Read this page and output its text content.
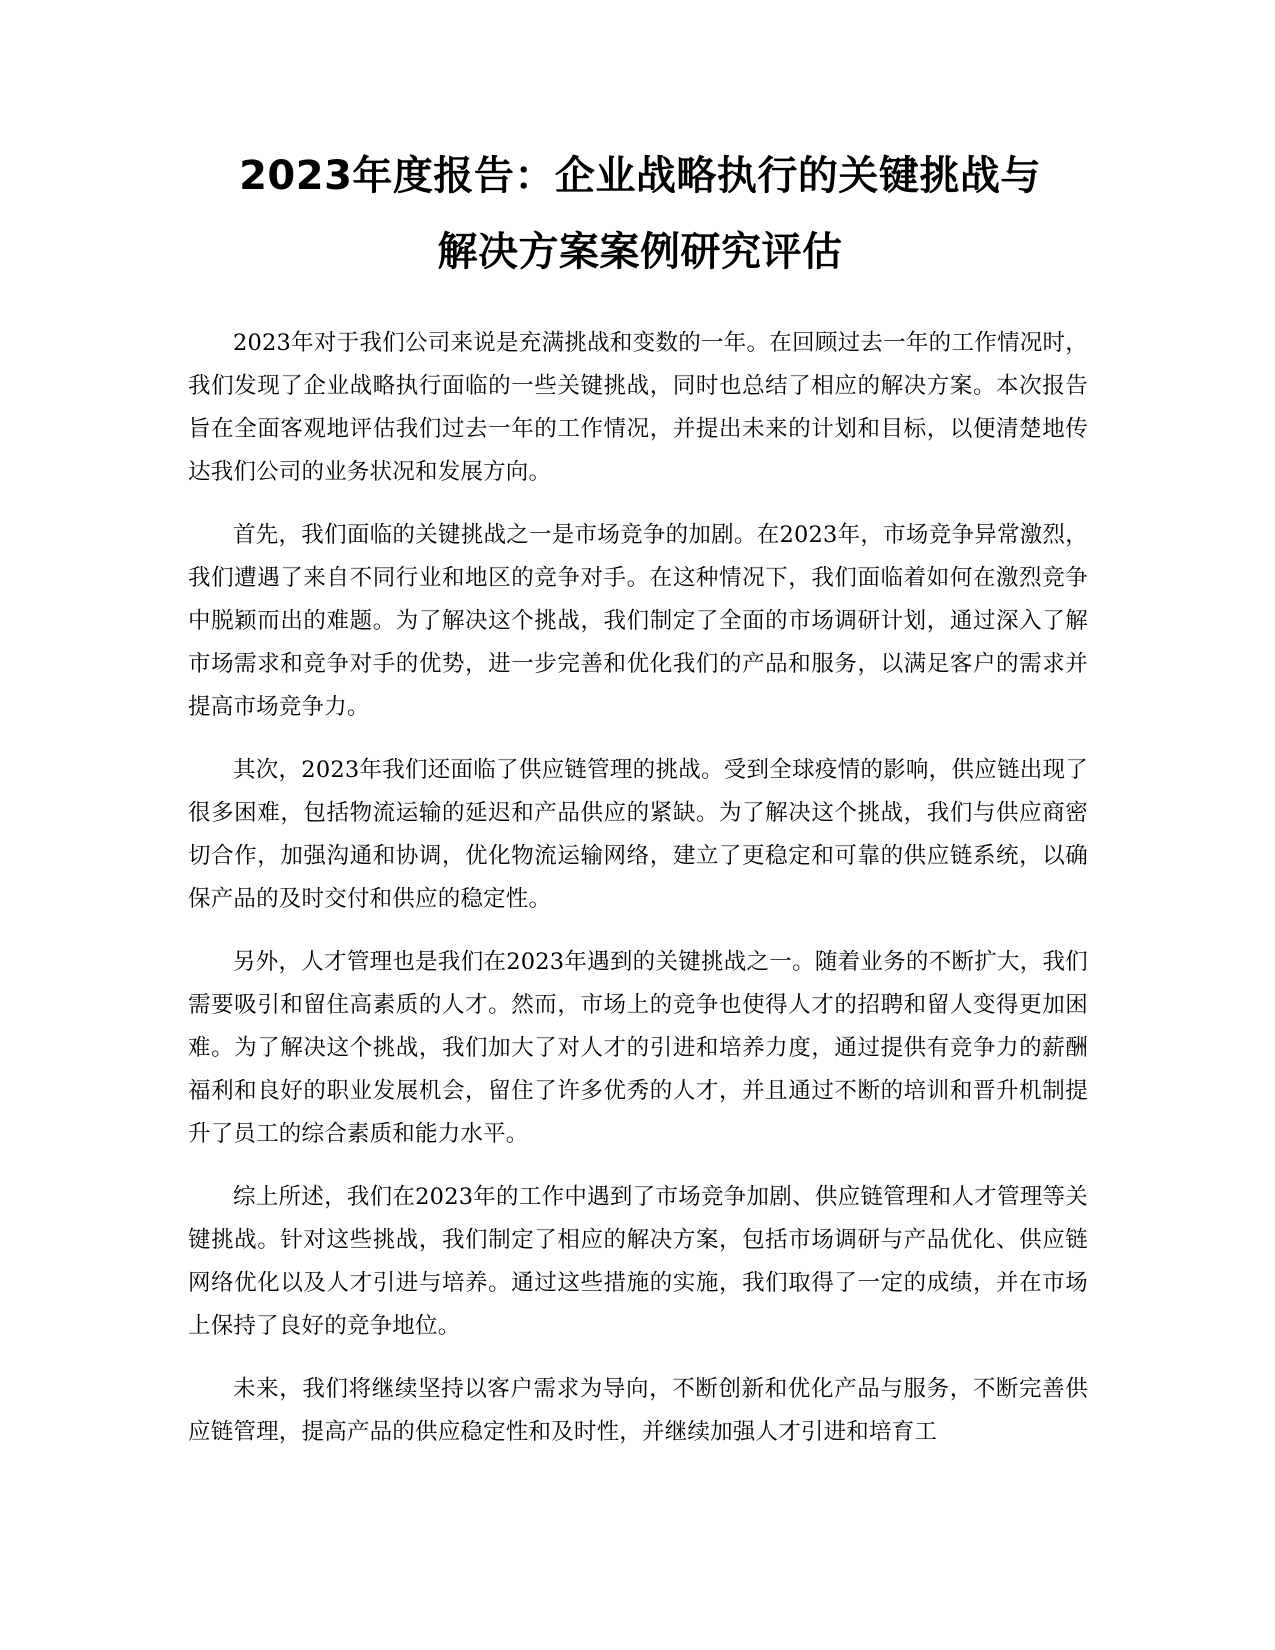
2023年度报告：企业战略执行的关键挑战与
解决方案案例研究评估

2023年对于我们公司来说是充满挑战和变数的一年。在回顾过去一年的工作情况时，我们发现了企业战略执行面临的一些关键挑战，同时也总结了相应的解决方案。本次报告旨在全面客观地评估我们过去一年的工作情况，并提出未来的计划和目标，以便清楚地传达我们公司的业务状况和发展方向。

首先，我们面临的关键挑战之一是市场竞争的加剧。在2023年，市场竞争异常激烈，我们遭遇了来自不同行业和地区的竞争对手。在这种情况下，我们面临着如何在激烈竞争中脱颖而出的难题。为了解决这个挑战，我们制定了全面的市场调研计划，通过深入了解市场需求和竞争对手的优势，进一步完善和优化我们的产品和服务，以满足客户的需求并提高市场竞争力。

其次，2023年我们还面临了供应链管理的挑战。受到全球疫情的影响，供应链出现了很多困难，包括物流运输的延迟和产品供应的紧缺。为了解决这个挑战，我们与供应商密切合作，加强沟通和协调，优化物流运输网络，建立了更稳定和可靠的供应链系统，以确保产品的及时交付和供应的稳定性。

另外，人才管理也是我们在2023年遇到的关键挑战之一。随着业务的不断扩大，我们需要吸引和留住高素质的人才。然而，市场上的竞争也使得人才的招聘和留人变得更加困难。为了解决这个挑战，我们加大了对人才的引进和培养力度，通过提供有竞争力的薪酬福利和良好的职业发展机会，留住了许多优秀的人才，并且通过不断的培训和晋升机制提升了员工的综合素质和能力水平。

综上所述，我们在2023年的工作中遇到了市场竞争加剧、供应链管理和人才管理等关键挑战。针对这些挑战，我们制定了相应的解决方案，包括市场调研与产品优化、供应链网络优化以及人才引进与培养。通过这些措施的实施，我们取得了一定的成绩，并在市场上保持了良好的竞争地位。

未来，我们将继续坚持以客户需求为导向，不断创新和优化产品与服务，不断完善供应链管理，提高产品的供应稳定性和及时性，并继续加强人才引进和培育工
